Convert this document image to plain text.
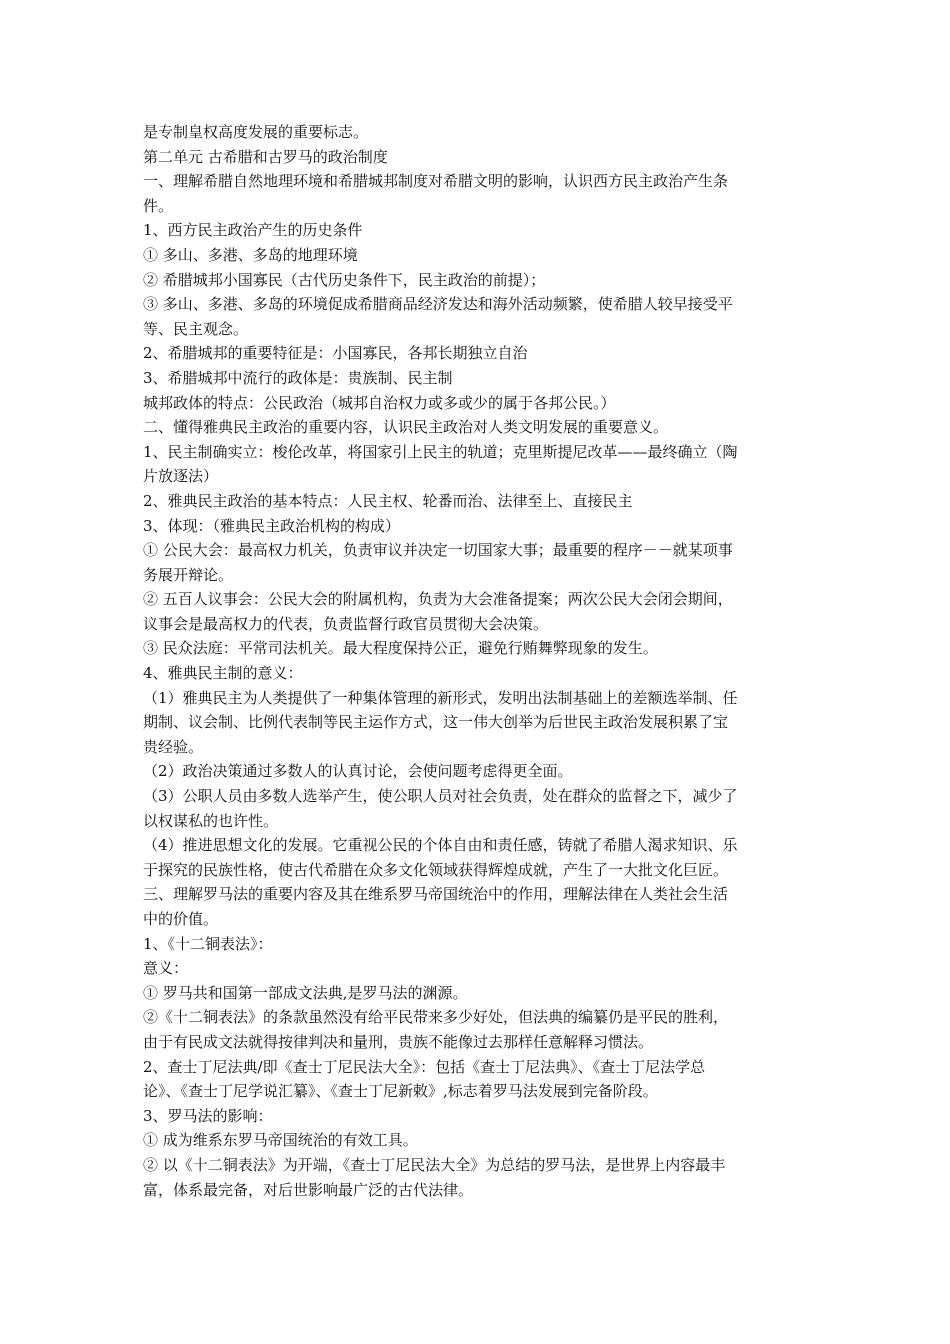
是专制皇权高度发展的重要标志。

第二单元 古希腊和古罗马的政治制度

一、理解希腊自然地理环境和希腊城邦制度对希腊文明的影响，认识西方民主政治产生条

件。

1、西方民主政治产生的历史条件

① 多山、多港、多岛的地理环境

② 希腊城邦小国寡民（古代历史条件下，民主政治的前提）；

③ 多山、多港、多岛的环境促成希腊商品经济发达和海外活动频繁，使希腊人较早接受平

等、民主观念。

2、希腊城邦的重要特征是：小国寡民，各邦长期独立自治

3、希腊城邦中流行的政体是：贵族制、民主制

城邦政体的特点：公民政治（城邦自治权力或多或少的属于各邦公民。）

二、懂得雅典民主政治的重要内容，认识民主政治对人类文明发展的重要意义。

1、民主制确实立：梭伦改革，将国家引上民主的轨道；克里斯提尼改革——最终确立（陶

片放逐法）

2、雅典民主政治的基本特点：人民主权、轮番而治、法律至上、直接民主

3、体现：（雅典民主政治机构的构成）

① 公民大会：最高权力机关，负责审议并决定一切国家大事；最重要的程序－－就某项事

务展开辩论。

② 五百人议事会：公民大会的附属机构，负责为大会准备提案；两次公民大会闭会期间，

议事会是最高权力的代表，负责监督行政官员贯彻大会决策。

③ 民众法庭：平常司法机关。最大程度保持公正，避免行贿舞弊现象的发生。

4、雅典民主制的意义：

（1）雅典民主为人类提供了一种集体管理的新形式，发明出法制基础上的差额选举制、任

期制、议会制、比例代表制等民主运作方式，这一伟大创举为后世民主政治发展积累了宝

贵经验。

（2）政治决策通过多数人的认真讨论，会使问题考虑得更全面。

（3）公职人员由多数人选举产生，使公职人员对社会负责，处在群众的监督之下，减少了

以权谋私的也许性。

（4）推进思想文化的发展。它重视公民的个体自由和责任感，铸就了希腊人渴求知识、乐

于探究的民族性格，使古代希腊在众多文化领域获得辉煌成就，产生了一大批文化巨匠。

三、理解罗马法的重要内容及其在维系罗马帝国统治中的作用，理解法律在人类社会生活

中的价值。

1、《十二铜表法》：

意义：

① 罗马共和国第一部成文法典,是罗马法的渊源。

②《十二铜表法》的条款虽然没有给平民带来多少好处，但法典的编纂仍是平民的胜利，

由于有民成文法就得按律判决和量刑，贵族不能像过去那样任意解释习惯法。

2、查士丁尼法典/即《查士丁尼民法大全》：包括《查士丁尼法典》、《查士丁尼法学总

论》、《查士丁尼学说汇纂》、《查士丁尼新敕》,标志着罗马法发展到完备阶段。

3、罗马法的影响：

① 成为维系东罗马帝国统治的有效工具。

② 以《十二铜表法》为开端，《查士丁尼民法大全》为总结的罗马法，是世界上内容最丰

富，体系最完备，对后世影响最广泛的古代法律。
